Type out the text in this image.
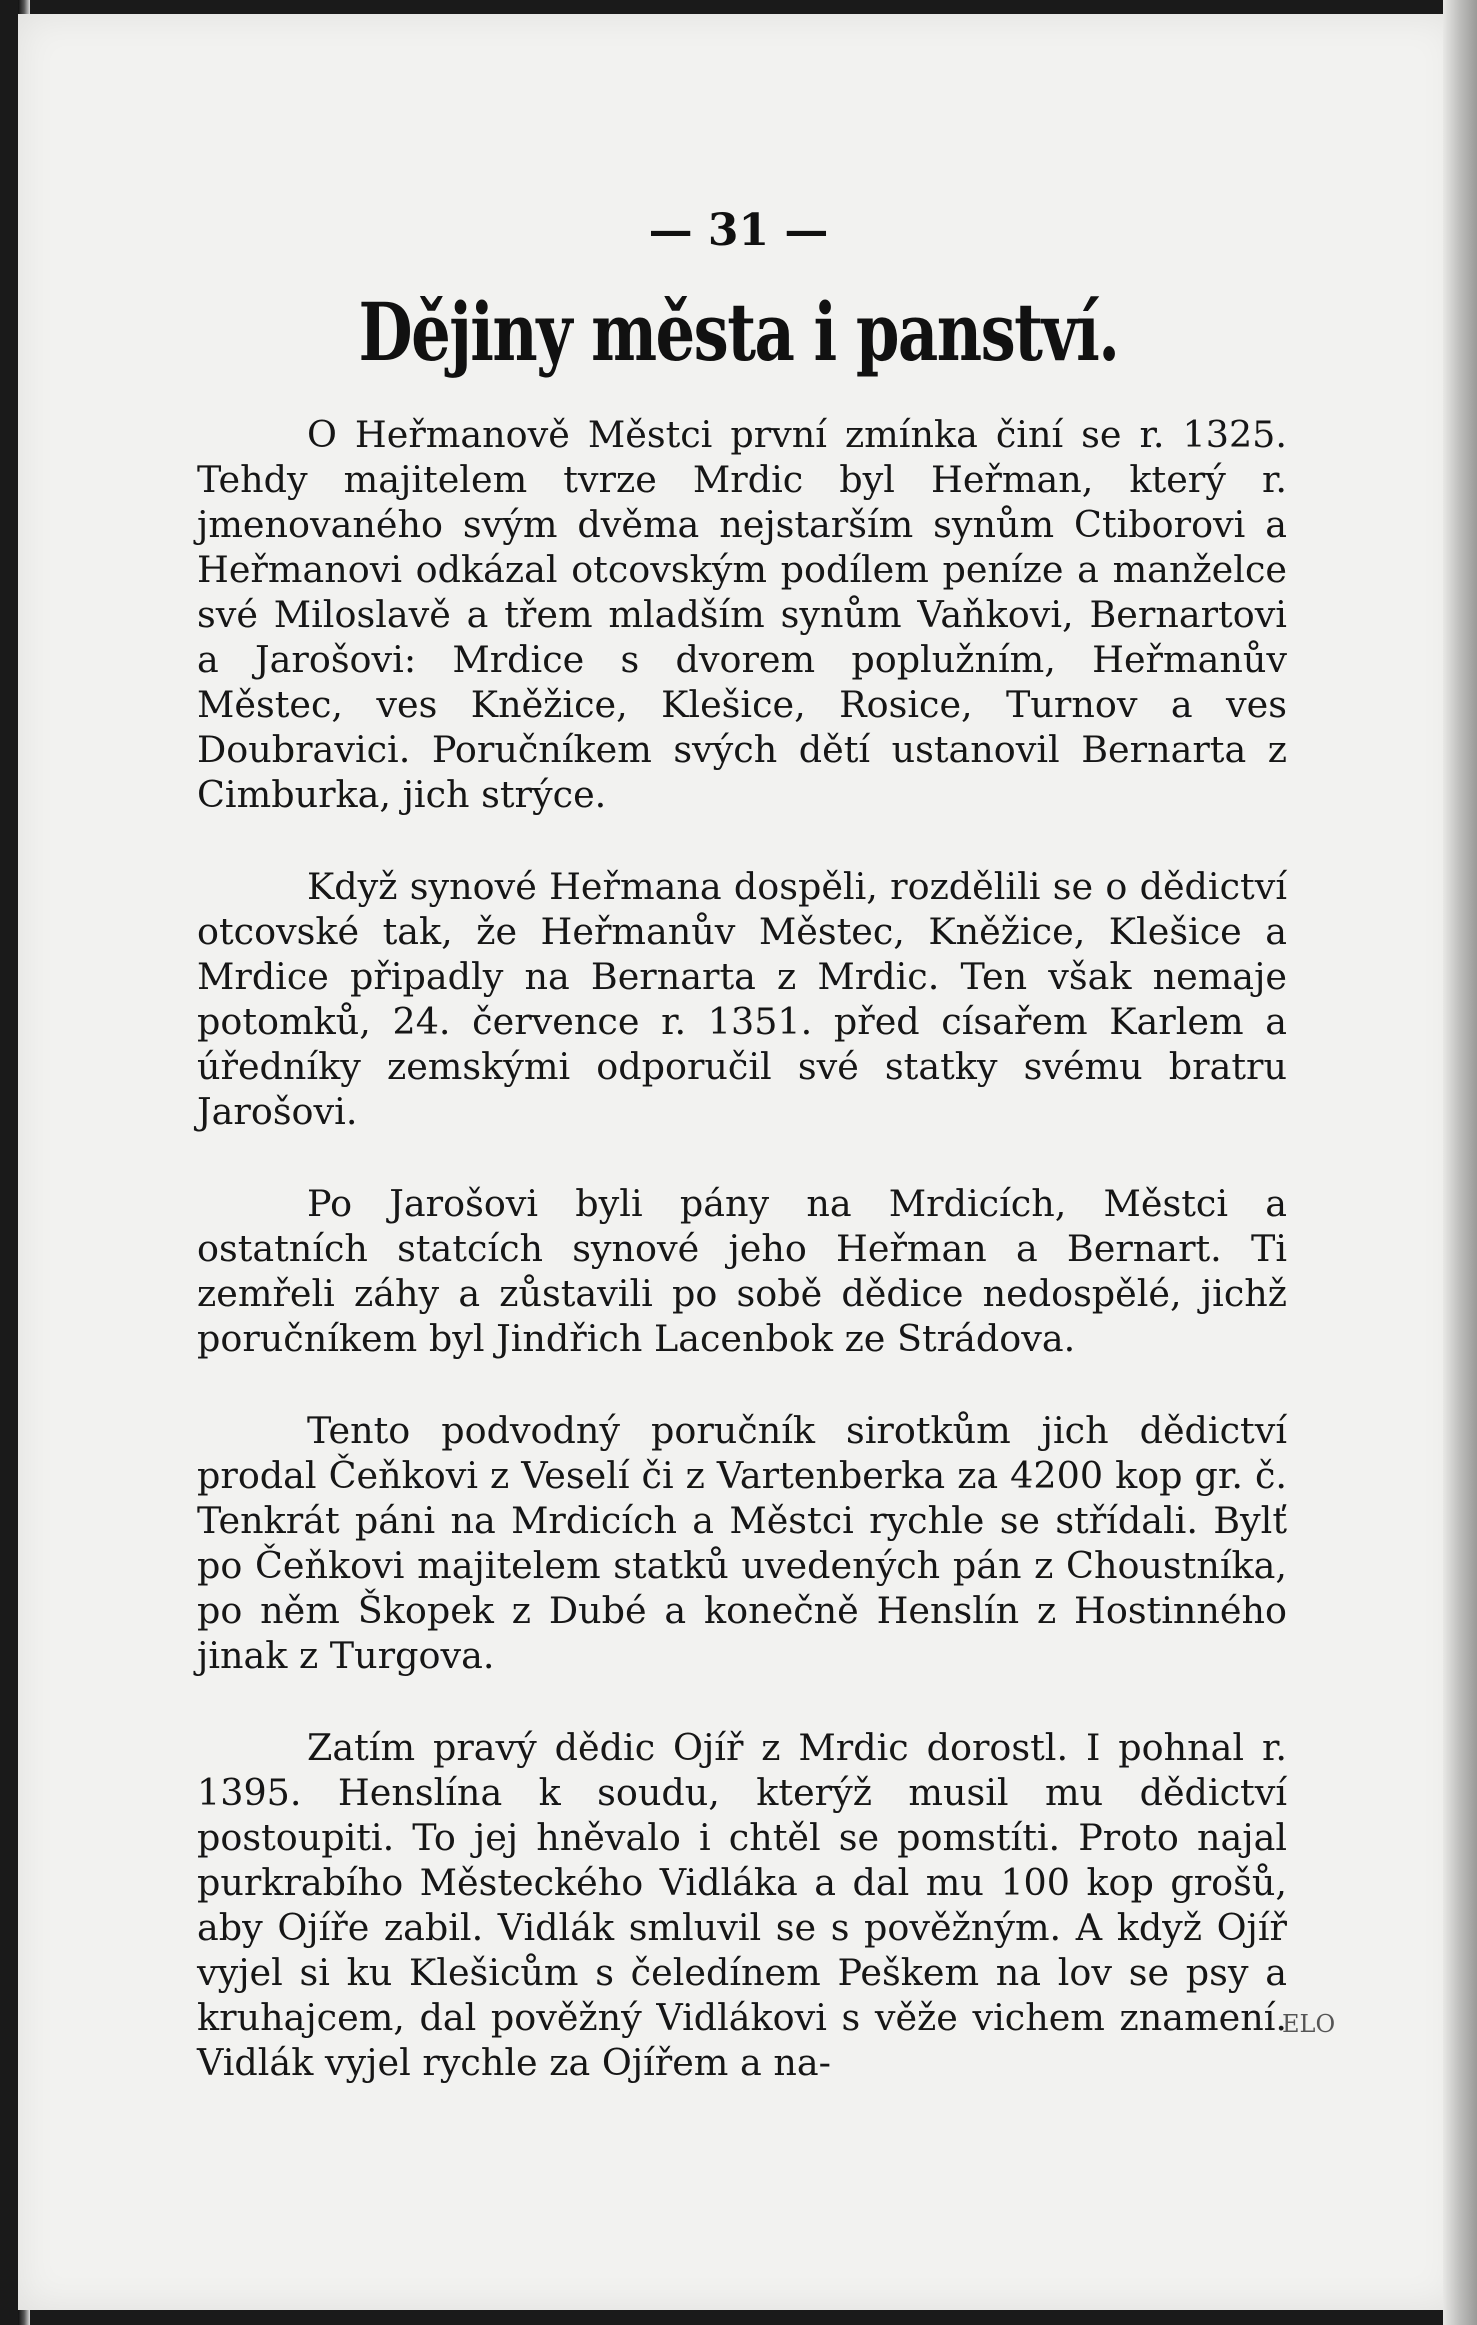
— 31 —
Dějiny města i panství.

O Heřmanově Městci první zmínka činí se r. 1325. Tehdy majitelem tvrze Mrdic byl Heřman, který r. jmenovaného svým dvěma nejstarším synům Ctiborovi a Heřmanovi odkázal otcovským podílem peníze a manželce své Miloslavě a třem mladším synům Vaňkovi, Bernartovi a Jarošovi: Mrdice s dvorem poplužním, Heřmanův Městec, ves Kněžice, Klešice, Rosice, Turnov a ves Doubravici. Poručníkem svých dětí ustanovil Bernarta z Cimburka, jich strýce.

Když synové Heřmana dospěli, rozdělili se o dědictví otcovské tak, že Heřmanův Městec, Kněžice, Klešice a Mrdice připadly na Bernarta z Mrdic. Ten však nemaje potomků, 24. července r. 1351. před císařem Karlem a úředníky zemskými odporučil své statky svému bratru Jarošovi.

Po Jarošovi byli pány na Mrdicích, Městci a ostatních statcích synové jeho Heřman a Bernart. Ti zemřeli záhy a zůstavili po sobě dědice nedospělé, jichž poručníkem byl Jindřich Lacenbok ze Strádova.

Tento podvodný poručník sirotkům jich dědictví prodal Čeňkovi z Veselí či z Vartenberka za 4200 kop gr. č. Tenkrát páni na Mrdicích a Městci rychle se střídali. Bylť po Čeňkovi majitelem statků uvedených pán z Choustníka, po něm Škopek z Dubé a konečně Henslín z Hostinného jinak z Turgova.

Zatím pravý dědic Ojíř z Mrdic dorostl. I pohnal r. 1395. Henslína k soudu, kterýž musil mu dědictví postoupiti. To jej hněvalo i chtěl se pomstíti. Proto najal purkrabího Městeckého Vidláka a dal mu 100 kop grošů, aby Ojíře zabil. Vidlák smluvil se s pověžným. A když Ojíř vyjel si ku Klešicům s čeledínem Peškem na lov se psy a kruhajcem, dal pověžný Vidlákovi s věže vichem znamení. Vidlák vyjel rychle za Ojířem a na-

ELO
